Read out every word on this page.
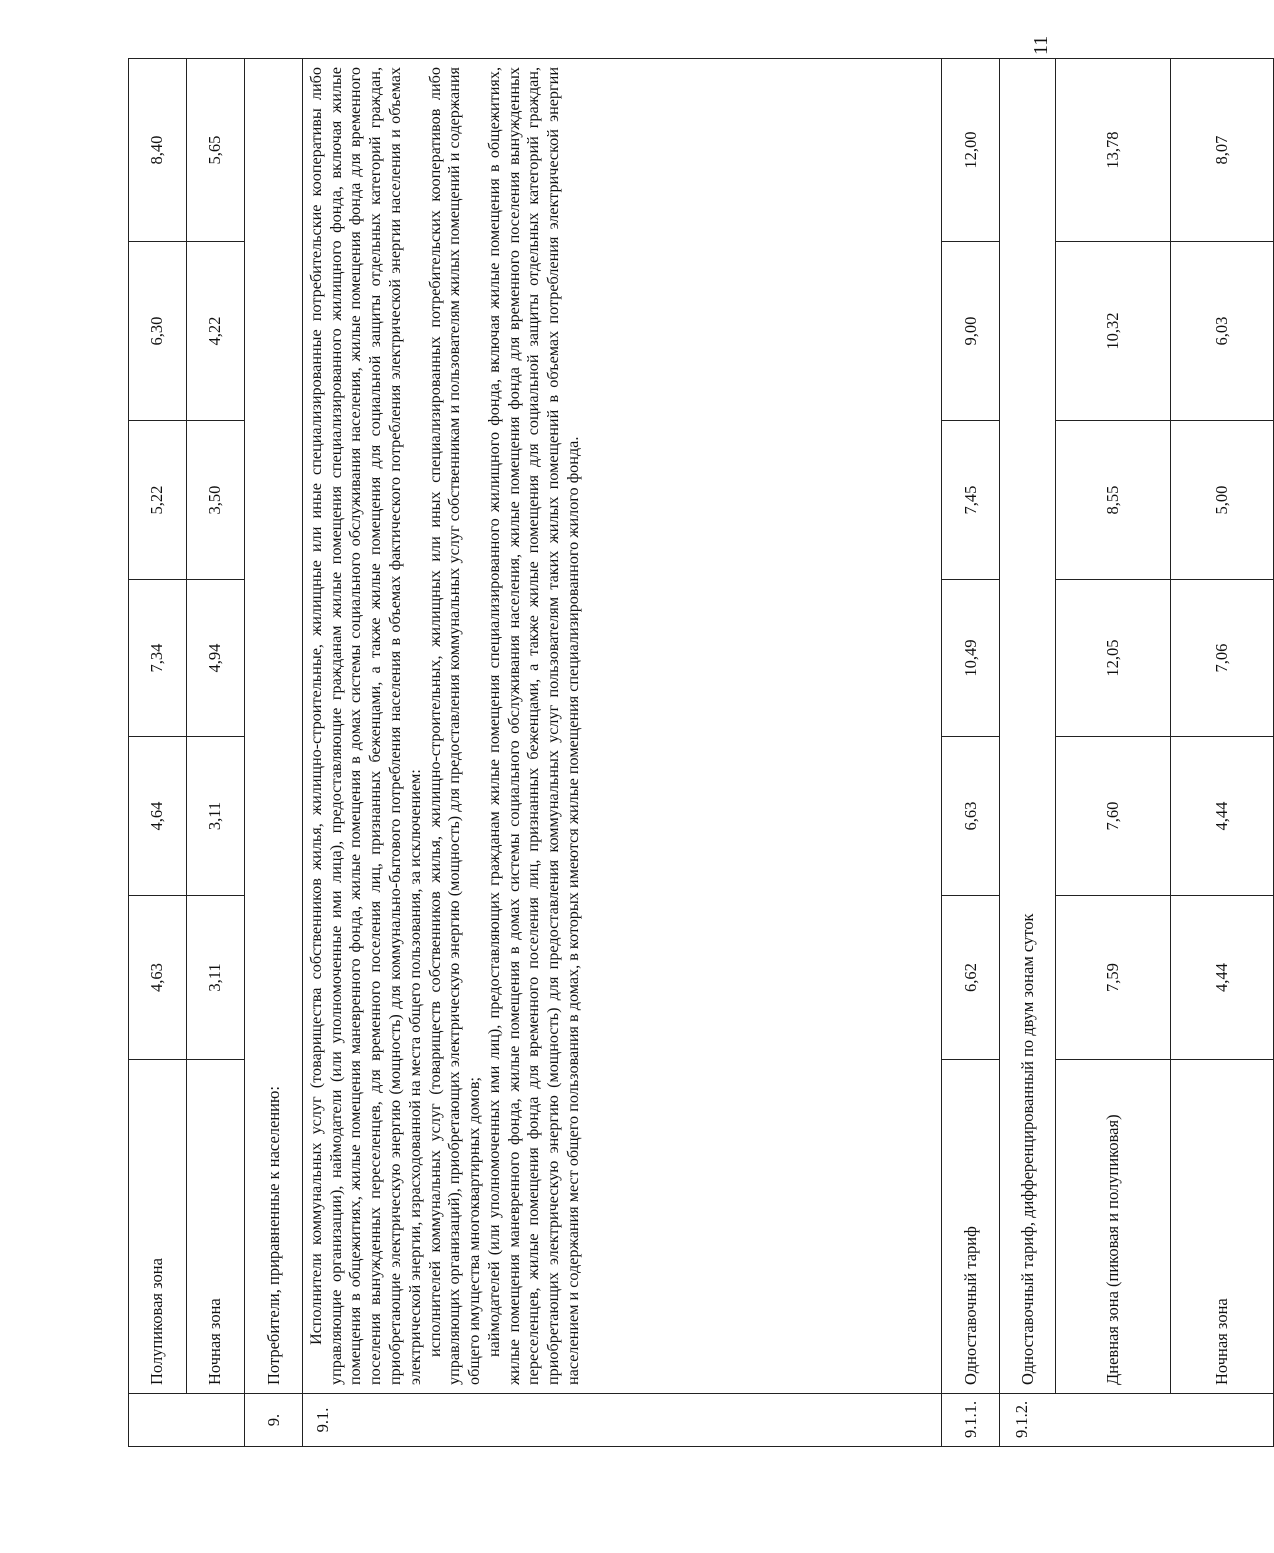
11
	Полупиковая зона	4,63	4,64	7,34	5,22	6,30	8,40
	Ночная зона	3,11	3,11	4,94	3,50	4,22	5,65
9.	Потребители, приравненные к населению:						
9.1.	Исполнители коммунальных услуг (товарищества собственников жилья, жилищно-строительные, жилищные или иные специализированные потребительские кооперативы либо управляющие организации), наймодатели (или уполномоченные ими лица), предоставляющие гражданам жилые помещения специализированного жилищного фонда, включая жилые помещения в общежитиях, жилые помещения маневренного фонда, жилые помещения в домах системы социального обслуживания населения, жилые помещения фонда для временного поселения вынужденных переселенцев, для временного поселения лиц, признанных беженцами, а также жилые помещения для социальной защиты отдельных категорий граждан, приобретающие электрическую энергию (мощность) для коммунально-бытового потребления населения в объемах фактического потребления электрической энергии населения и объемах электрической энергии, израсходованной на места общего пользования, за исключением: исполнителей коммунальных услуг (товариществ собственников жилья, жилищно-строительных, жилищных или иных специализированных потребительских кооперативов либо управляющих организаций), приобретающих электрическую энергию (мощность) для предоставления коммунальных услуг собственникам и пользователям жилых помещений и содержания общего имущества многоквартирных домов; наймодателей (или уполномоченных ими лиц), предоставляющих гражданам жилые помещения специализированного жилищного фонда, включая жилые помещения в общежитиях, жилые помещения маневренного фонда, жилые помещения в домах системы социального обслуживания населения, жилые помещения фонда для временного поселения вынужденных переселенцев, жилые помещения фонда для временного поселения лиц, признанных беженцами, а также жилые помещения для социальной защиты отдельных категорий граждан, приобретающих электрическую энергию (мощность) для предоставления коммунальных услуг пользователям таких жилых помещений в объемах потребления электрической энергии населением и содержания мест общего пользования в домах, в которых имеются жилые помещения специализированного жилого фонда.						

9.1.1.	Одноставочный тариф	6,62	6,63	10,49	7,45	9,00	12,00
9.1.2.	Одноставочный тариф, дифференцированный по двум зонам суток						
	Дневная зона (пиковая и полупиковая)	7,59	7,60	12,05	8,55	10,32	13,78
	Ночная зона	4,44	4,44	7,06	5,00	6,03	8,07
